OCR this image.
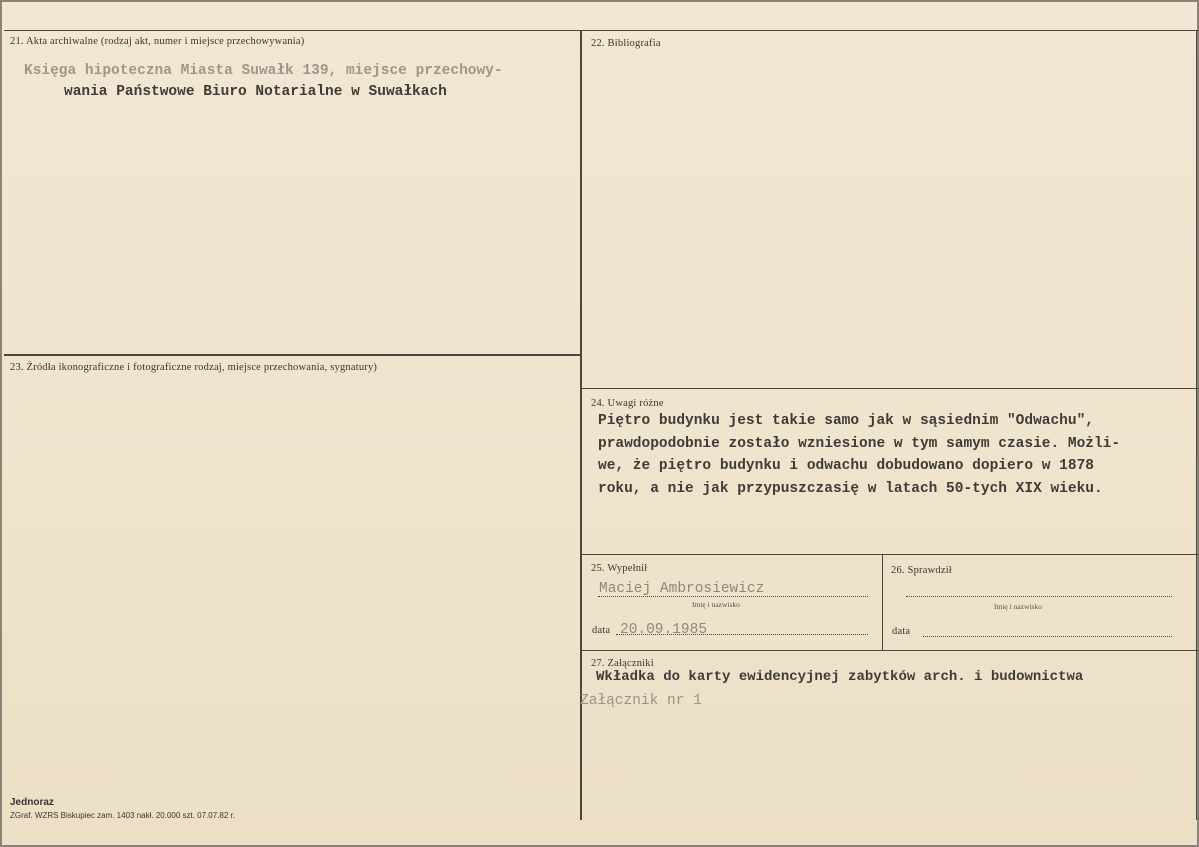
21. Akta archiwalne (rodzaj akt, numer i miejsce przechowywania)
Księga hipoteczna Miasta Suwałk 139, miejsce przechowy-
wania Państwowe Biuro Notarialne w Suwałkach
22. Bibliografia
23. Źródła ikonograficzne i fotograficzne rodzaj, miejsce przechowania, sygnatury)
24. Uwagi różne
Piętro budynku jest takie samo jak w sąsiednim "Odwachu",
prawdopodobnie zostało wzniesione w tym samym czasie. Możli-
we, że piętro budynku i odwachu dobudowano dopiero w 1878
roku, a nie jak przypuszczasię w latach 50-tych XIX wieku.
25. Wypełnił
Maciej Ambrosiewicz
Imię i nazwisko
data 20.09.1985
26. Sprawdził
Imię i nazwisko
data
27. Załączniki
Wkładka do karty ewidencyjnej zabytków arch. i budownictwa
Załącznik nr 1
Jednoraz
ZGraf. WZRS Biskupiec zam. 1403 nakł. 20.000 szt. 07.07.82 r.
